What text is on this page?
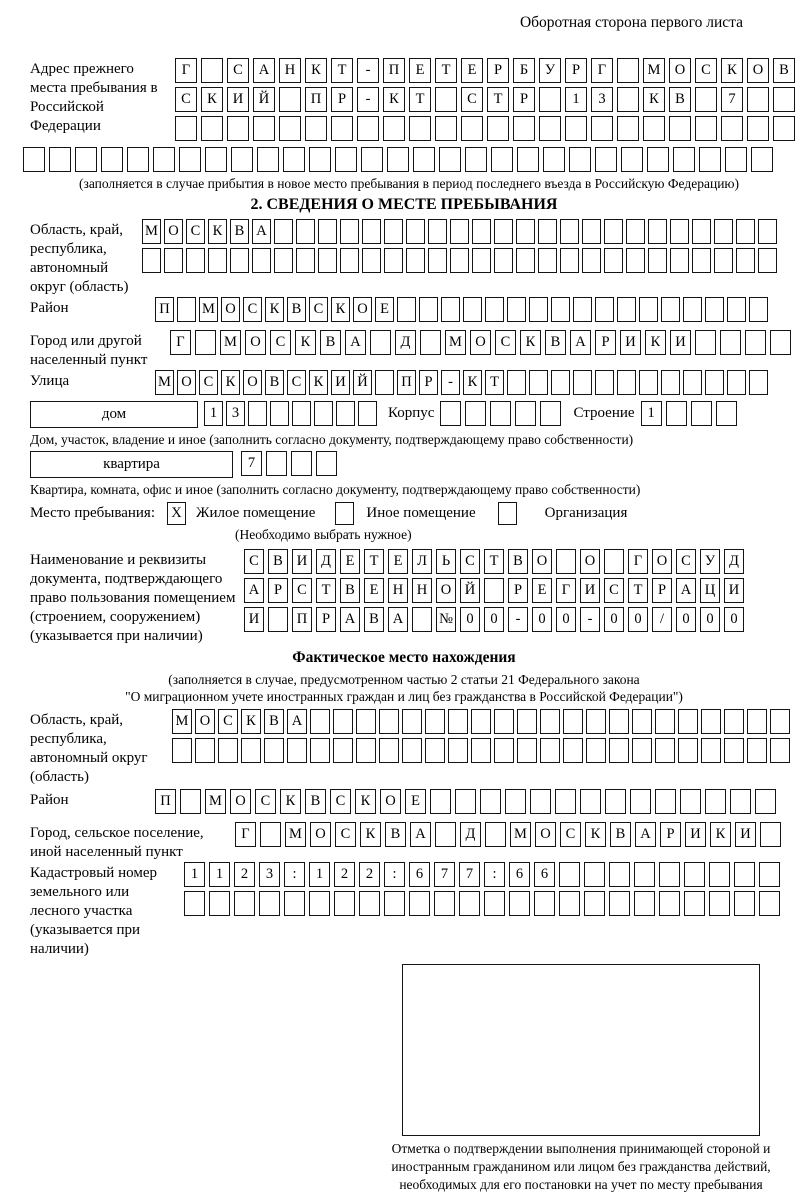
Оборотная сторона первого листа
Адрес прежнего места пребывания в Российской Федерации
Г	С А Н К Т - П Е Т Е Р Б У Р Г	М О С К О В
С К И Й	П Р - К Т	С Т Р	1 3	К В	7
(заполняется в случае прибытия в новое место пребывания в период последнего въезда в Российскую Федерацию)
2. СВЕДЕНИЯ О МЕСТЕ ПРЕБЫВАНИЯ
Область, край, республика, автономный округ (область)
М О С К В А
Район	П М О С К В С К О Е
Город или другой населенный пункт
Г	М О С К В А	Д	М О С К В А Р И К И
Улица	М О С К О В С К И Й П Р - К Т
дом	1 3	Корпус	Строение 1
Дом, участок, владение и иное (заполнить согласно документу, подтверждающему право собственности)
квартира	7
Квартира, комната, офис и иное (заполнить согласно документу, подтверждающему право собственности)
Место пребывания: X Жилое помещение	Иное помещение	Организация
(Необходимо выбрать нужное)
Наименование и реквизиты документа, подтверждающего право пользования помещением (строением, сооружением) (указывается при наличии)
С В И Д Е Т Е Л Ь С Т В О	О	Г О С У Д
А Р С Т В Е Н Н О Й	Р Е Г И С Т Р А Ц И
И	П Р А В А № 0 0 - 0 0 - 0 0 / 0 0 0
Фактическое место нахождения
(заполняется в случае, предусмотренном частью 2 статьи 21 Федерального закона
"О миграционном учете иностранных граждан и лиц без гражданства в Российской Федерации")
Область, край, республика, автономный округ (область)
М О С К В А
Район	П	М О С К В С К О Е
Город, сельское поселение, иной населенный пункт
Г	М О С К В А	Д	М О С К В А Р И К И
Кадастровый номер земельного или лесного участка (указывается при наличии)
1 1 2 3 : 1 2 2 : 6 7 7 : 6 6
Отметка о подтверждении выполнения принимающей стороной и иностранным гражданином или лицом без гражданства действий, необходимых для его постановки на учет по месту пребывания
